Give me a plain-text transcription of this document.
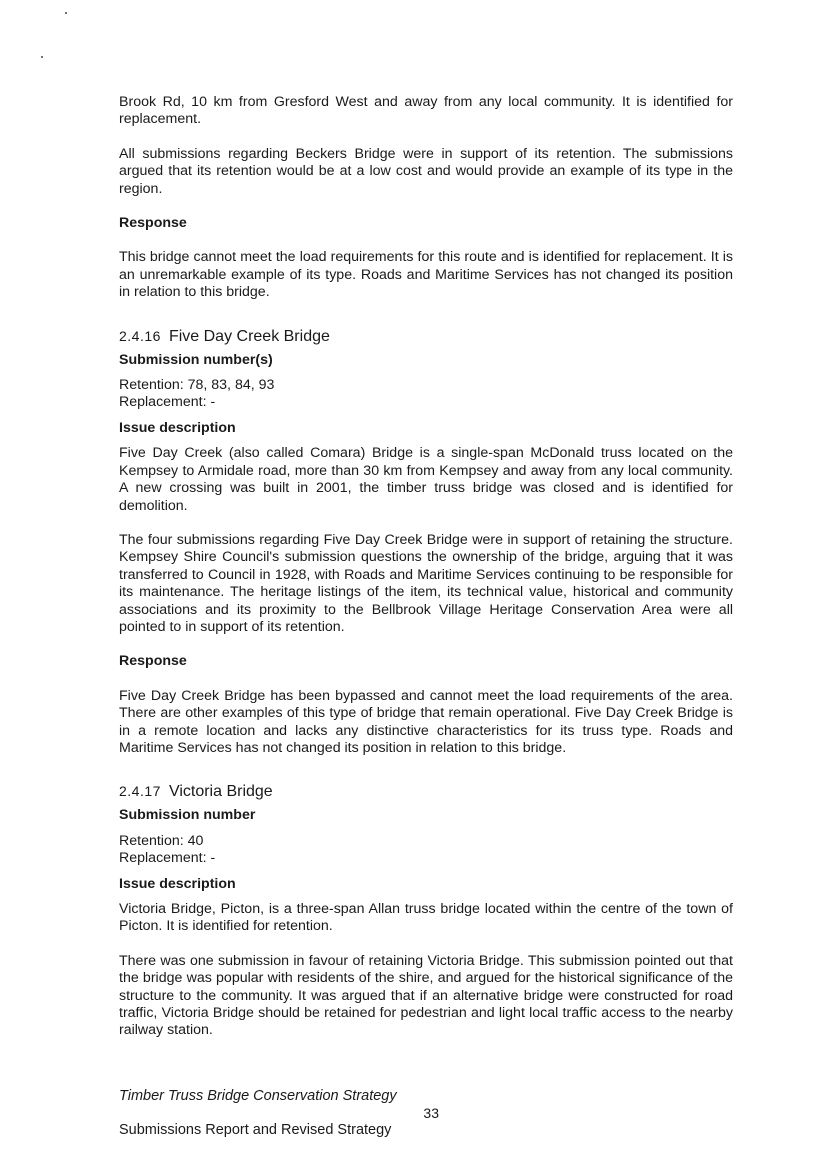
Brook Rd, 10 km from Gresford West and away from any local community. It is identified for replacement.

All submissions regarding Beckers Bridge were in support of its retention. The submissions argued that its retention would be at a low cost and would provide an example of its type in the region.

Response

This bridge cannot meet the load requirements for this route and is identified for replacement. It is an unremarkable example of its type. Roads and Maritime Services has not changed its position in relation to this bridge.

2.4.16 Five Day Creek Bridge
Submission number(s)

Retention: 78, 83, 84, 93

Replacement: -

Issue description

Five Day Creek (also called Comara) Bridge is a single-span McDonald truss located on the Kempsey to Armidale road, more than 30 km from Kempsey and away from any local community. A new crossing was built in 2001, the timber truss bridge was closed and is identified for demolition.

The four submissions regarding Five Day Creek Bridge were in support of retaining the structure. Kempsey Shire Council's submission questions the ownership of the bridge, arguing that it was transferred to Council in 1928, with Roads and Maritime Services continuing to be responsible for its maintenance. The heritage listings of the item, its technical value, historical and community associations and its proximity to the Bellbrook Village Heritage Conservation Area were all pointed to in support of its retention.

Response

Five Day Creek Bridge has been bypassed and cannot meet the load requirements of the area. There are other examples of this type of bridge that remain operational. Five Day Creek Bridge is in a remote location and lacks any distinctive characteristics for its truss type. Roads and Maritime Services has not changed its position in relation to this bridge.

2.4.17 Victoria Bridge
Submission number

Retention: 40

Replacement: -

Issue description

Victoria Bridge, Picton, is a three-span Allan truss bridge located within the centre of the town of Picton. It is identified for retention.

There was one submission in favour of retaining Victoria Bridge. This submission pointed out that the bridge was popular with residents of the shire, and argued for the historical significance of the structure to the community. It was argued that if an alternative bridge were constructed for road traffic, Victoria Bridge should be retained for pedestrian and light local traffic access to the nearby railway station.

Timber Truss Bridge Conservation Strategy
33
Submissions Report and Revised Strategy
